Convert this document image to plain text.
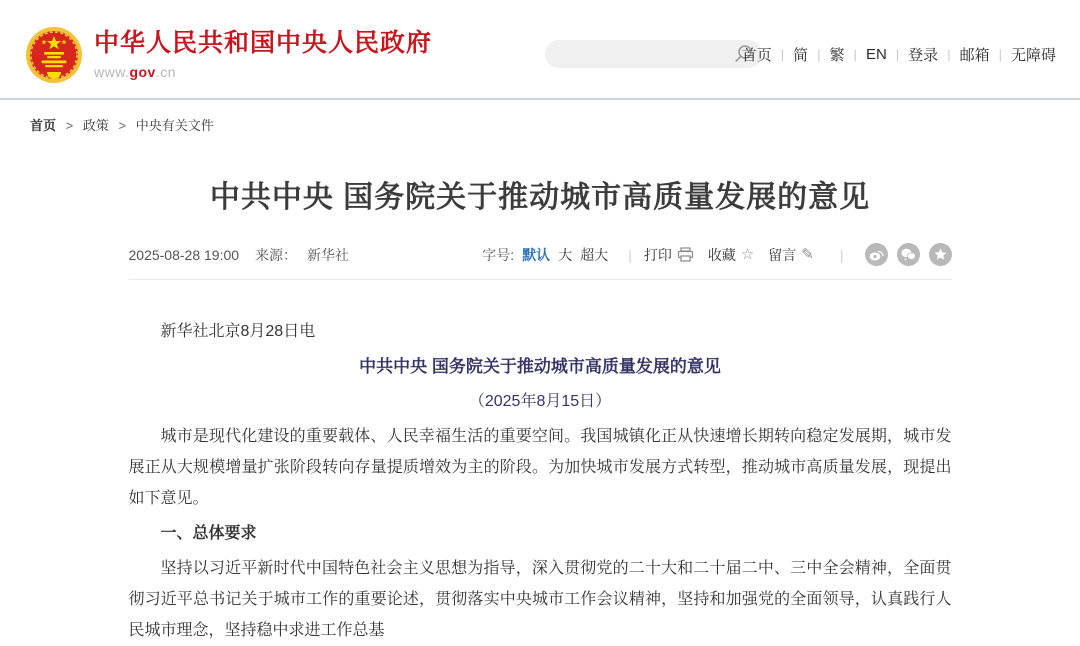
中华人民共和国中央人民政府
www.gov.cn
首页 | 简 | 繁 | EN | 登录 | 邮箱 | 无障碍
首页 > 政策 > 中央有关文件
中共中央 国务院关于推动城市高质量发展的意见
2025-08-28 19:00 来源： 新华社	字号: 默认 大 超大 | 打印	收藏 ☆ 留言 ✎ |

新华社北京8月28日电

中共中央 国务院关于推动城市高质量发展的意见

（2025年8月15日）

城市是现代化建设的重要载体、人民幸福生活的重要空间。我国城镇化正从快速增长期转向稳定发展期，城市发展正从大规模增量扩张阶段转向存量提质增效为主的阶段。为加快城市发展方式转型，推动城市高质量发展，现提出如下意见。

一、总体要求

坚持以习近平新时代中国特色社会主义思想为指导，深入贯彻党的二十大和二十届二中、三中全会精神，全面贯彻习近平总书记关于城市工作的重要论述，贯彻落实中央城市工作会议精神，坚持和加强党的全面领导，认真践行人民城市理念，坚持稳中求进工作总基
